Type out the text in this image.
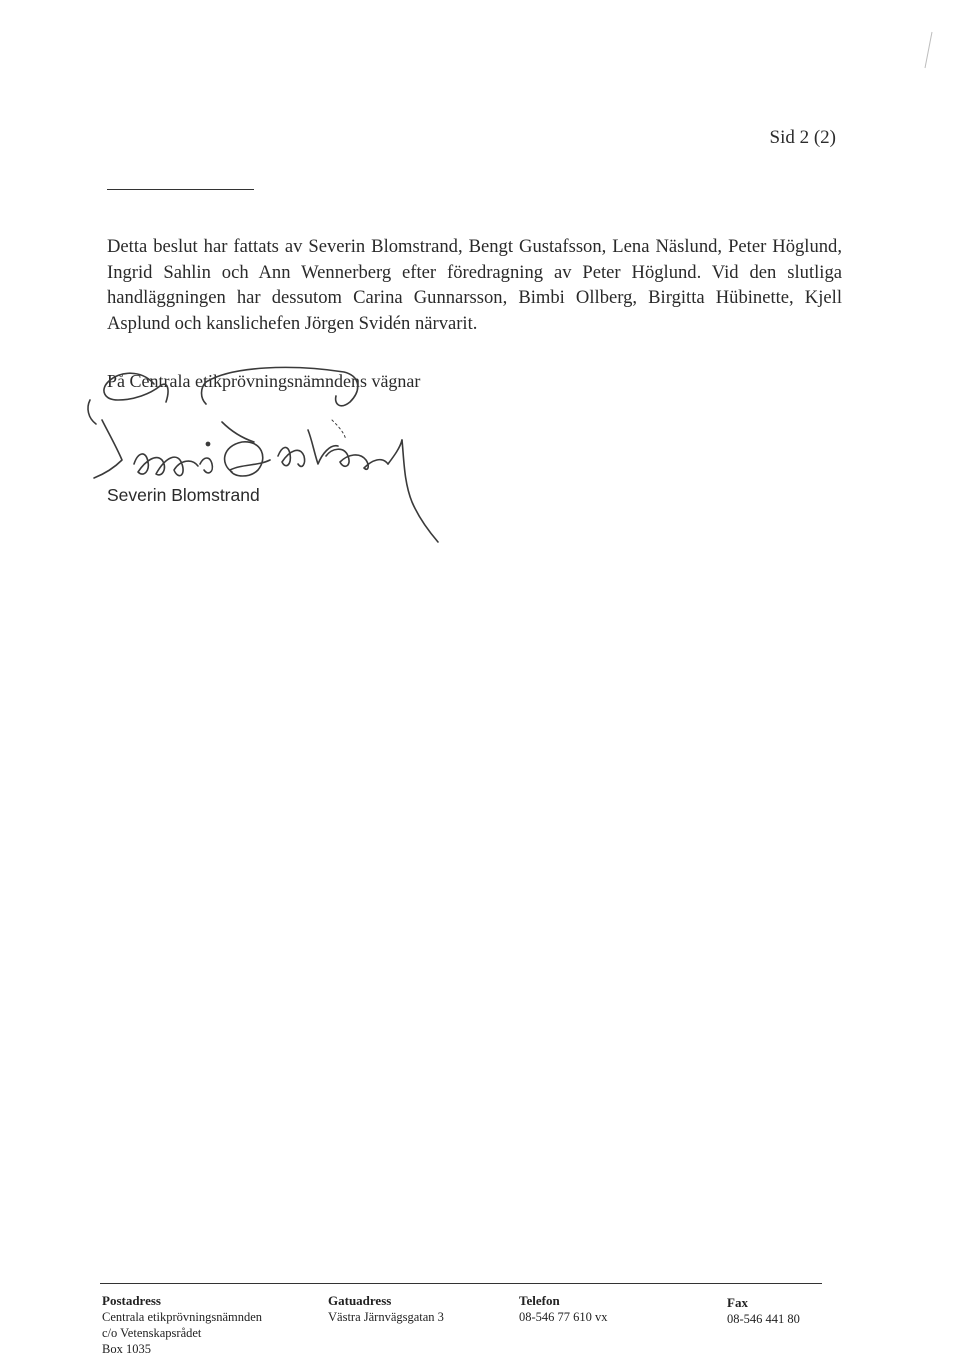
Sid 2 (2)

Detta beslut har fattats av Severin Blomstrand, Bengt Gustafsson, Lena Näslund, Peter Höglund, Ingrid Sahlin och Ann Wennerberg efter föredragning av Peter Höglund. Vid den slutliga handläggningen har dessutom Carina Gunnarsson, Bimbi Ollberg, Birgitta Hübinette, Kjell Asplund och kanslichefen Jörgen Svidén närvarit.

På Centrala etikprövningsnämndens vägnar
Severin Blomstrand
Postadress
Centrala etikprövningsnämnden
c/o Vetenskapsrådet
Box 1035
Gatuadress
Västra Järnvägsgatan 3
Telefon
08-546 77 610 vx
Fax
08-546 441 80
